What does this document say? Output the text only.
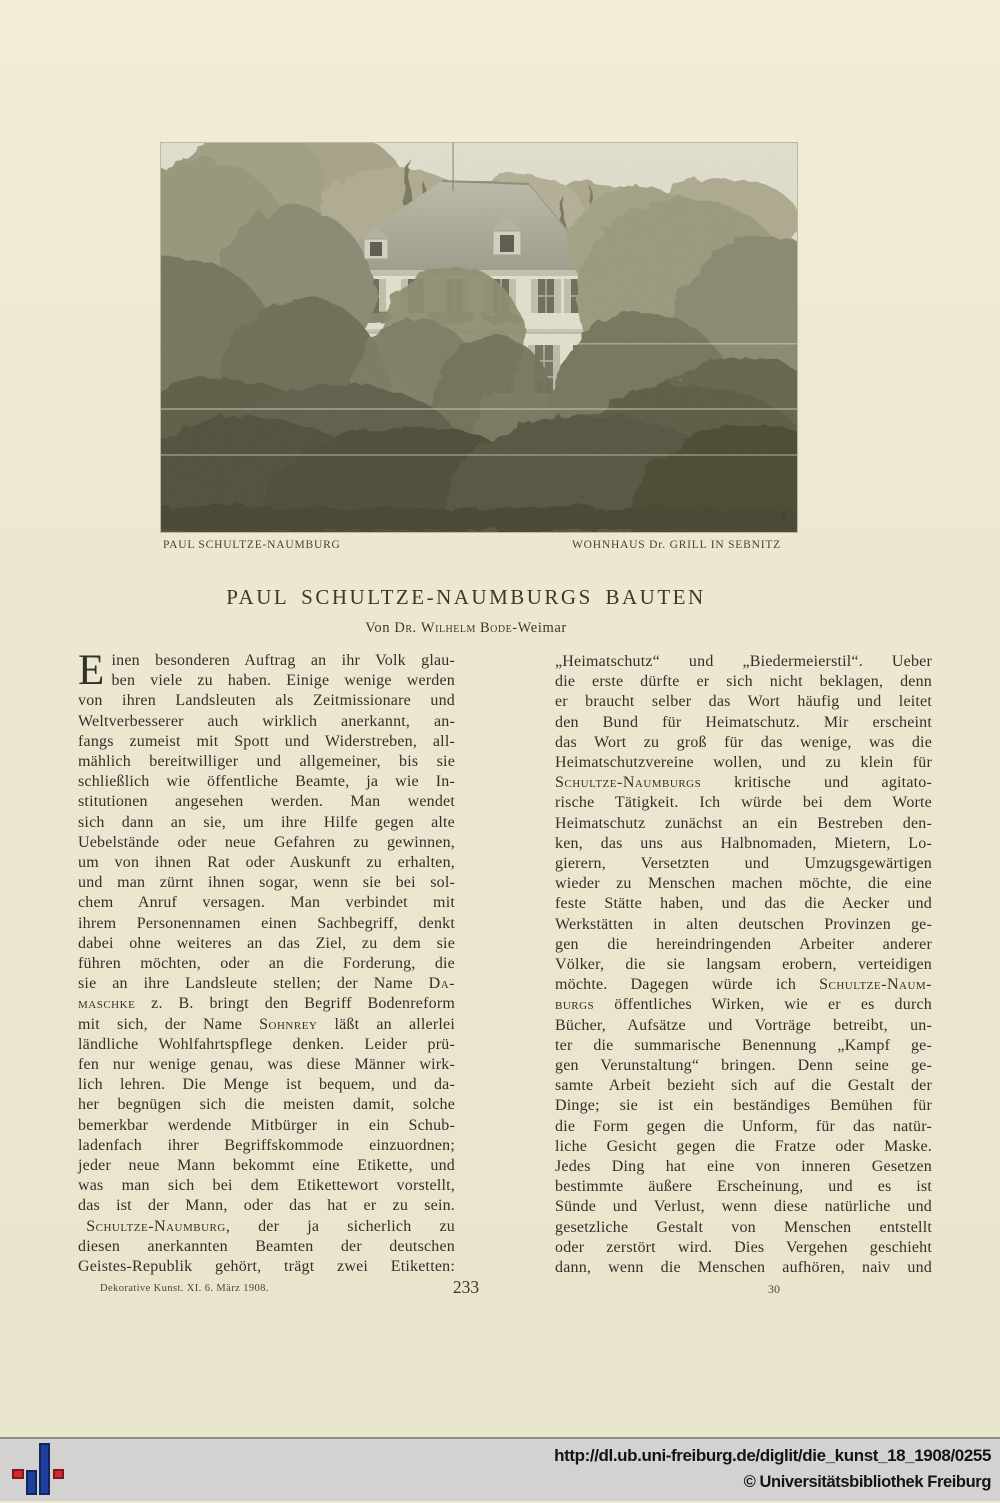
B
PAUL SCHULTZE-NAUMBURG	WOHNHAUS Dr. GRILL IN SEBNITZ
PAUL SCHULTZE-NAUMBURGS BAUTEN
Von Dr. Wilhelm Bode-Weimar
E inen besonderen Auftrag an ihr Volk glau-
ben viele zu haben. Einige wenige werden
von ihren Landsleuten als Zeitmissionare und
Weltverbesserer auch wirklich anerkannt, an-
fangs zumeist mit Spott und Widerstreben, all-
mählich bereitwilliger und allgemeiner, bis sie
schließlich wie öffentliche Beamte, ja wie In-
stitutionen angesehen werden. Man wendet
sich dann an sie, um ihre Hilfe gegen alte
Uebelstände oder neue Gefahren zu gewinnen,
um von ihnen Rat oder Auskunft zu erhalten,
und man zürnt ihnen sogar, wenn sie bei sol-
chem Anruf versagen. Man verbindet mit
ihrem Personennamen einen Sachbegriff, denkt
dabei ohne weiteres an das Ziel, zu dem sie
führen möchten, oder an die Forderung, die
sie an ihre Landsleute stellen; der Name Da-
maschke z. B. bringt den Begriff Bodenreform
mit sich, der Name Sohnrey läßt an allerlei
ländliche Wohlfahrtspflege denken. Leider prü-
fen nur wenige genau, was diese Männer wirk-
lich lehren. Die Menge ist bequem, und da-
her begnügen sich die meisten damit, solche
bemerkbar werdende Mitbürger in ein Schub-
ladenfach ihrer Begriffskommode einzuordnen;
jeder neue Mann bekommt eine Etikette, und
was man sich bei dem Etikettewort vorstellt,
das ist der Mann, oder das hat er zu sein.
 Schultze-Naumburg, der ja sicherlich zu
diesen anerkannten Beamten der deutschen
Geistes-Republik gehört, trägt zwei Etiketten:
„Heimatschutz“ und „Biedermeierstil“. Ueber
die erste dürfte er sich nicht beklagen, denn
er braucht selber das Wort häufig und leitet
den Bund für Heimatschutz. Mir erscheint
das Wort zu groß für das wenige, was die
Heimatschutzvereine wollen, und zu klein für
Schultze-Naumburgs kritische und agitato-
rische Tätigkeit. Ich würde bei dem Worte
Heimatschutz zunächst an ein Bestreben den-
ken, das uns aus Halbnomaden, Mietern, Lo-
gierern, Versetzten und Umzugsgewärtigen
wieder zu Menschen machen möchte, die eine
feste Stätte haben, und das die Aecker und
Werkstätten in alten deutschen Provinzen ge-
gen die hereindringenden Arbeiter anderer
Völker, die sie langsam erobern, verteidigen
möchte. Dagegen würde ich Schultze-Naum-
burgs öffentliches Wirken, wie er es durch
Bücher, Aufsätze und Vorträge betreibt, un-
ter die summarische Benennung „Kampf ge-
gen Verunstaltung“ bringen. Denn seine ge-
samte Arbeit bezieht sich auf die Gestalt der
Dinge; sie ist ein beständiges Bemühen für
die Form gegen die Unform, für das natür-
liche Gesicht gegen die Fratze oder Maske.
Jedes Ding hat eine von inneren Gesetzen
bestimmte äußere Erscheinung, und es ist
Sünde und Verlust, wenn diese natürliche und
gesetzliche Gestalt von Menschen entstellt
oder zerstört wird. Dies Vergehen geschieht
dann, wenn die Menschen aufhören, naiv und
233
Dekorative Kunst. XI. 6. März 1908.	30
http://dl.ub.uni-freiburg.de/diglit/die_kunst_18_1908/0255
© Universitätsbibliothek Freiburg
